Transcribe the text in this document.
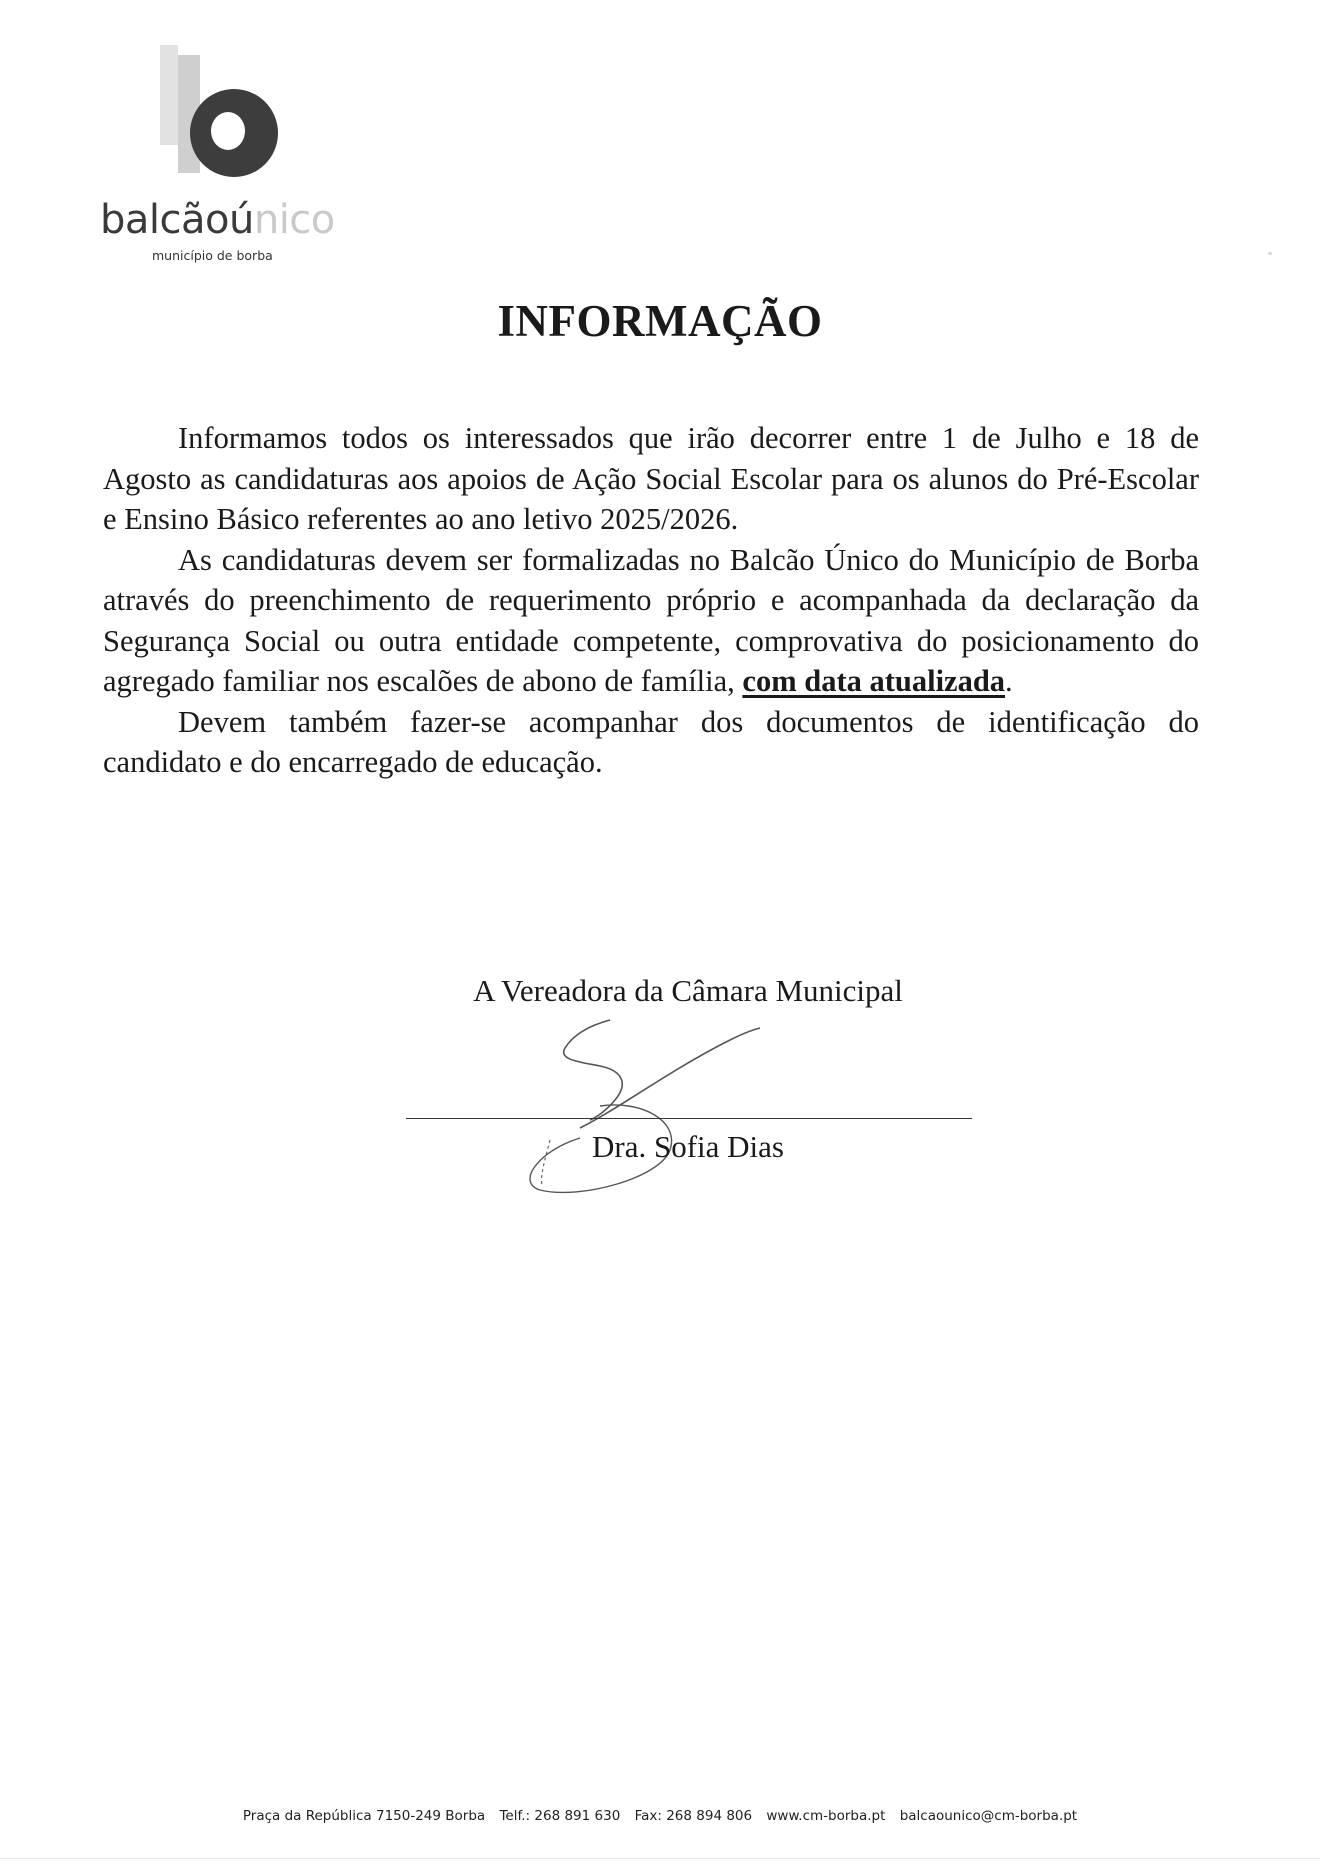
balcãoúnico
município de borba
INFORMAÇÃO

Informamos todos os interessados que irão decorrer entre 1 de Julho e 18 de Agosto as candidaturas aos apoios de Ação Social Escolar para os alunos do Pré-Escolar e Ensino Básico referentes ao ano letivo 2025/2026.

As candidaturas devem ser formalizadas no Balcão Único do Município de Borba através do preenchimento de requerimento próprio e acompanhada da declaração da Segurança Social ou outra entidade competente, comprovativa do posicionamento do agregado familiar nos escalões de abono de família, com data atualizada.

Devem também fazer-se acompanhar dos documentos de identificação do candidato e do encarregado de educação.

A Vereadora da Câmara Municipal
Dra. Sofia Dias
Praça da República 7150-249 Borba Telf.: 268 891 630 Fax: 268 894 806 www.cm-borba.pt balcaounico@cm-borba.pt
